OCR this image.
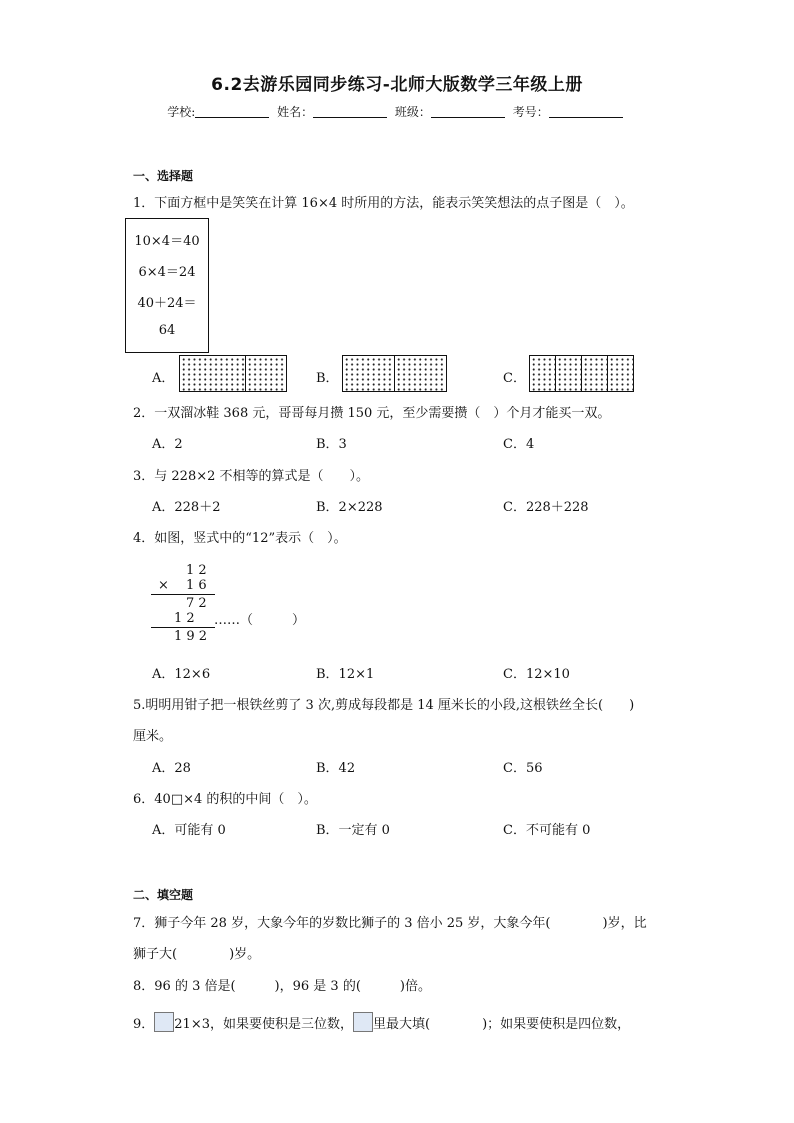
6.2去游乐园同步练习-北师大版数学三年级上册
学校:	姓名：	班级：	考号：
一、选择题
1．下面方框中是笑笑在计算 16×4 时所用的方法，能表示笑笑想法的点子图是（　）。
10×4＝40
6×4＝24
40＋24＝
64
A．	B．	C．
2．一双溜冰鞋 368 元，哥哥每月攒 150 元，至少需要攒（　）个月才能买一双。
A．2	B．3	C．4
3．与 228×2 不相等的算式是（　　）。
A．228＋2	B．2×228	C．228＋228
4．如图，竖式中的“12”表示（　）。
1 2
× 1 6
7 2
1 2 ……（　　　）
1 9 2
A．12×6	B．12×1	C．12×10
5.明明用钳子把一根铁丝剪了 3 次,剪成每段都是 14 厘米长的小段,这根铁丝全长(　　)
厘米。
A．28	B．42	C．56
6．40□×4 的积的中间（　）。
A．可能有 0	B．一定有 0	C．不可能有 0
二、填空题
7．狮子今年 28 岁，大象今年的岁数比狮子的 3 倍小 25 岁，大象今年(　　　　)岁，比
狮子大(　　　　)岁。
8．96 的 3 倍是(　　　)，96 是 3 的(　　　)倍。
9． 21×3，如果要使积是三位数， 里最大填(　　　　)；如果要使积是四位数，
